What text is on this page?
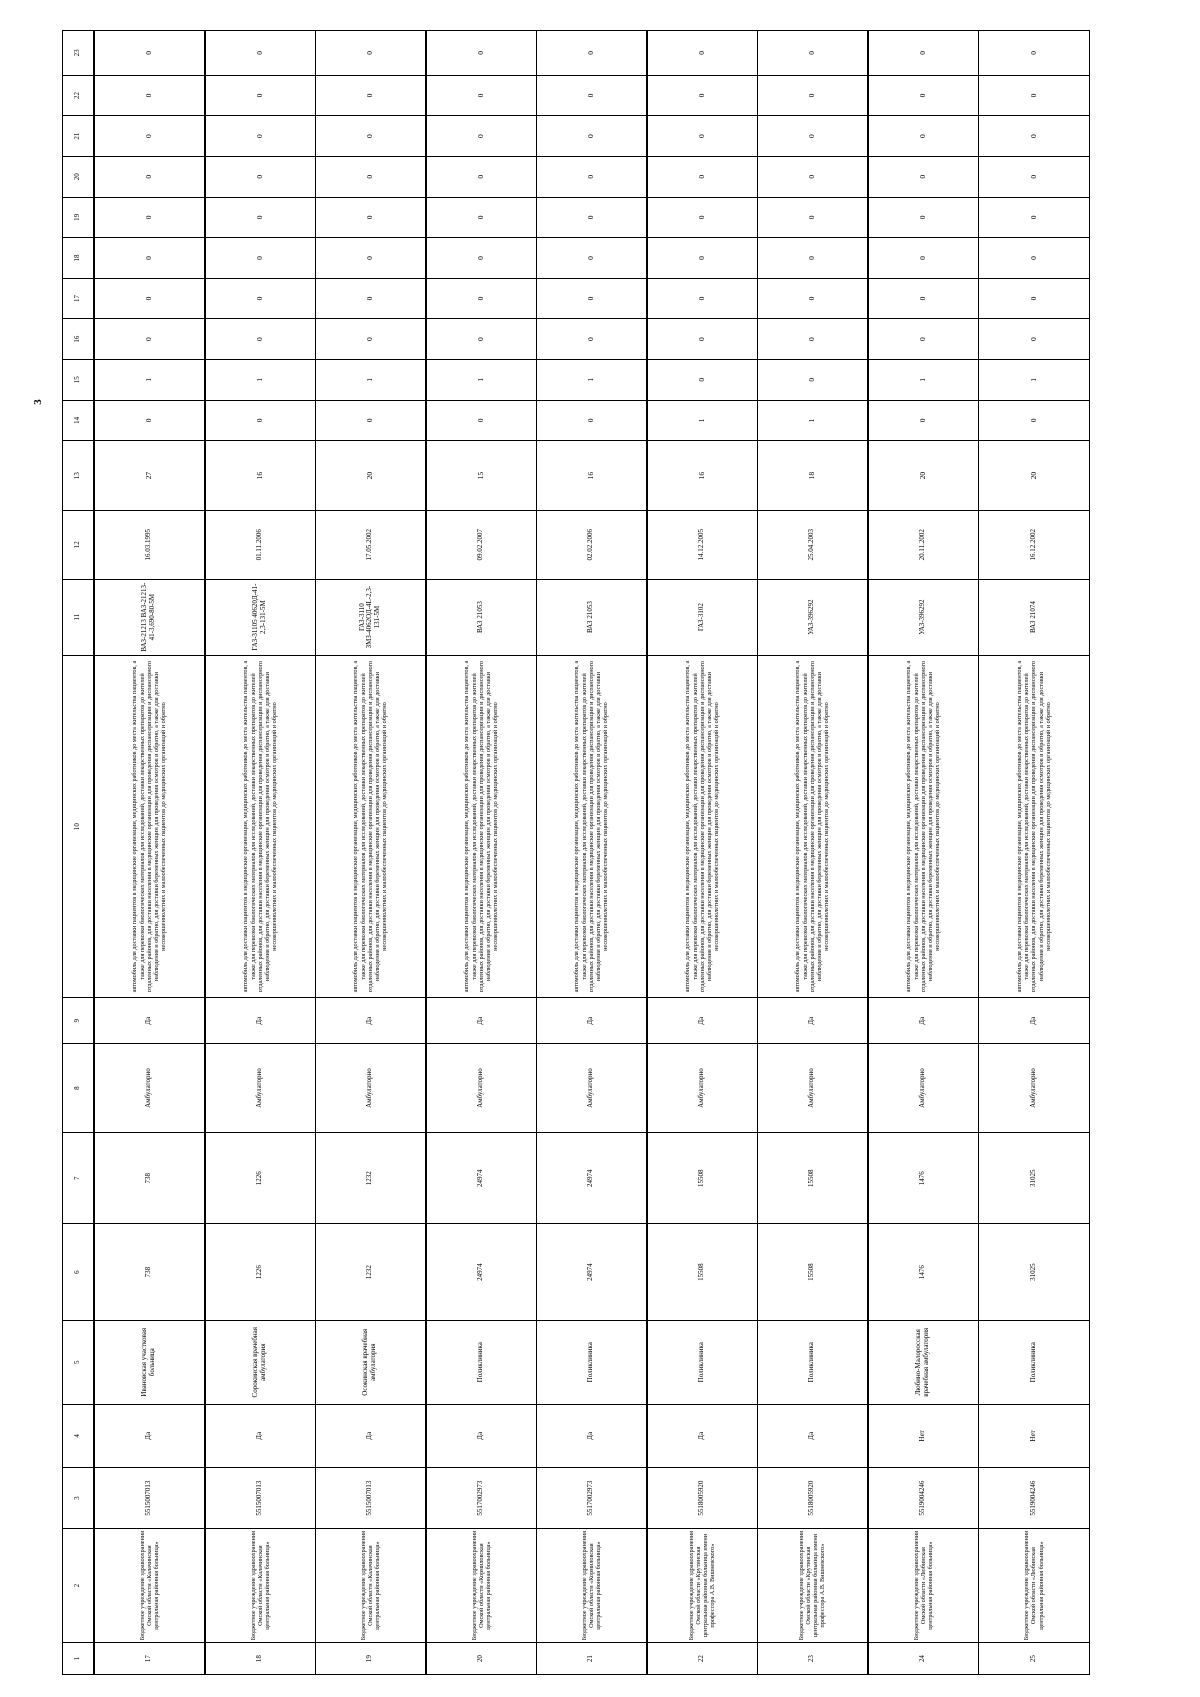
3
1	2	3	4	5	6	7	8	9	10	11	12	13	14	15	16	17	18	19	20	21	22	23
17	Бюджетное учреждение здравоохранения Омской области «Калачинская центральная районная больница»	5515007013	Да	Ивановская участковая больница	738	738	Амбулаторно	Да	автомобиль для доставки пациентов в медицинские организации, медицинских работников до места жительства пациентов, а также для перевозки биологических материалов для исследований, доставки лекарственных препаратов до жителей отдаленных районов, для доставки населения в медицинские организации для проведения диспансеризации и диспансерного наблюдения и обратно, для доставки беременных женщин для проведения осмотров и обратно, а также для доставки несовершеннолетних и малообеспеченных пациентов до медицинских организаций и обратно	ВАЗ-21213 ВАЗ-21213-41-3,690-80-5М	16.03.1995	27	0	1	0	0	0	0	0	0	0	0
18	Бюджетное учреждение здравоохранения Омской области «Калачинская центральная районная больница»	5515007013	Да	Сорокинская врачебная амбулатория	1226	1226	Амбулаторно	Да	автомобиль для доставки пациентов в медицинские организации, медицинских работников до места жительства пациентов, а также для перевозки биологических материалов для исследований, доставки лекарственных препаратов до жителей отдаленных районов, для доставки населения в медицинские организации для проведения диспансеризации и диспансерного наблюдения и обратно, для доставки беременных женщин для проведения осмотров и обратно, а также для доставки несовершеннолетних и малообеспеченных пациентов до медицинских организаций и обратно	ГАЗ-31105 40620Д-41-2,3-131-5М	01.11.2006	16	0	1	0	0	0	0	0	0	0	0
19	Бюджетное учреждение здравоохранения Омской области «Калачинская центральная районная больница»	5515007013	Да	Осокинская врачебная амбулатория	1232	1232	Амбулаторно	Да	автомобиль для доставки пациентов в медицинские организации, медицинских работников до места жительства пациентов, а также для перевозки биологических материалов для исследований, доставки лекарственных препаратов до жителей отдаленных районов, для доставки населения в медицинские организации для проведения диспансеризации и диспансерного наблюдения и обратно, для доставки беременных женщин для проведения осмотров и обратно, а также для доставки несовершеннолетних и малообеспеченных пациентов до медицинских организаций и обратно	ГАЗ-3110 ЗМЗ-4062ОД-4L-2,3-131-5М	17.05.2002	20	0	1	0	0	0	0	0	0	0	0
20	Бюджетное учреждение здравоохранения Омской области «Кормиловская центральная районная больница»	5517002973	Да	Поликлиника	24974	24974	Амбулаторно	Да	автомобиль для доставки пациентов в медицинские организации, медицинских работников до места жительства пациентов, а также для перевозки биологических материалов для исследований, доставки лекарственных препаратов до жителей отдаленных районов, для доставки населения в медицинские организации для проведения диспансеризации и диспансерного наблюдения и обратно, для доставки беременных женщин для проведения осмотров и обратно, а также для доставки несовершеннолетних и малообеспеченных пациентов до медицинских организаций и обратно	ВАЗ 21053	09.02.2007	15	0	1	0	0	0	0	0	0	0	0
21	Бюджетное учреждение здравоохранения Омской области «Кормиловская центральная районная больница»	5517002973	Да	Поликлиника	24974	24974	Амбулаторно	Да	автомобиль для доставки пациентов в медицинские организации, медицинских работников до места жительства пациентов, а также для перевозки биологических материалов для исследований, доставки лекарственных препаратов до жителей отдаленных районов, для доставки населения в медицинские организации для проведения диспансеризации и диспансерного наблюдения и обратно, для доставки беременных женщин для проведения осмотров и обратно, а также для доставки несовершеннолетних и малообеспеченных пациентов до медицинских организаций и обратно	ВАЗ 21053	02.02.2006	16	0	1	0	0	0	0	0	0	0	0
22	Бюджетное учреждение здравоохранения Омской области «Крутинская центральная районная больница имени профессора А.В. Вишневского»	5518005920	Да	Поликлиника	15508	15508	Амбулаторно	Да	автомобиль для доставки пациентов в медицинские организации, медицинских работников до места жительства пациентов, а также для перевозки биологических материалов для исследований, доставки лекарственных препаратов до жителей отдаленных районов, для доставки населения в медицинские организации для проведения диспансеризации и диспансерного наблюдения и обратно, для доставки беременных женщин для проведения осмотров и обратно, а также для доставки несовершеннолетних и малообеспеченных пациентов до медицинских организаций и обратно	ГАЗ-3102	14.12.2005	16	1	0	0	0	0	0	0	0	0	0
23	Бюджетное учреждение здравоохранения Омской области «Крутинская центральная районная больница имени профессора А.В. Вишневского»	5518005920	Да	Поликлиника	15508	15508	Амбулаторно	Да	автомобиль для доставки пациентов в медицинские организации, медицинских работников до места жительства пациентов, а также для перевозки биологических материалов для исследований, доставки лекарственных препаратов до жителей отдаленных районов, для доставки населения в медицинские организации для проведения диспансеризации и диспансерного наблюдения и обратно, для доставки беременных женщин для проведения осмотров и обратно, а также для доставки несовершеннолетних и малообеспеченных пациентов до медицинских организаций и обратно	УАЗ-396292	25.04.2003	18	1	0	0	0	0	0	0	0	0	0
24	Бюджетное учреждение здравоохранения Омской области «Любинская центральная районная больница»	5519004246	Нет	Любино-Малоросская врачебная амбулатория	1476	1476	Амбулаторно	Да	автомобиль для доставки пациентов в медицинские организации, медицинских работников до места жительства пациентов, а также для перевозки биологических материалов для исследований, доставки лекарственных препаратов до жителей отдаленных районов, для доставки населения в медицинские организации для проведения диспансеризации и диспансерного наблюдения и обратно, для доставки беременных женщин для проведения осмотров и обратно, а также для доставки несовершеннолетних и малообеспеченных пациентов до медицинских организаций и обратно	УАЗ-396292	20.11.2002	20	0	1	0	0	0	0	0	0	0	0
25	Бюджетное учреждение здравоохранения Омской области «Любинская центральная районная больница»	5519004246	Нет	Поликлиника	31025	31025	Амбулаторно	Да	автомобиль для доставки пациентов в медицинские организации, медицинских работников до места жительства пациентов, а также для перевозки биологических материалов для исследований, доставки лекарственных препаратов до жителей отдаленных районов, для доставки населения в медицинские организации для проведения диспансеризации и диспансерного наблюдения и обратно, для доставки беременных женщин для проведения осмотров и обратно, а также для доставки несовершеннолетних и малообеспеченных пациентов до медицинских организаций и обратно	ВАЗ 21074	16.12.2002	20	0	1	0	0	0	0	0	0	0	0
